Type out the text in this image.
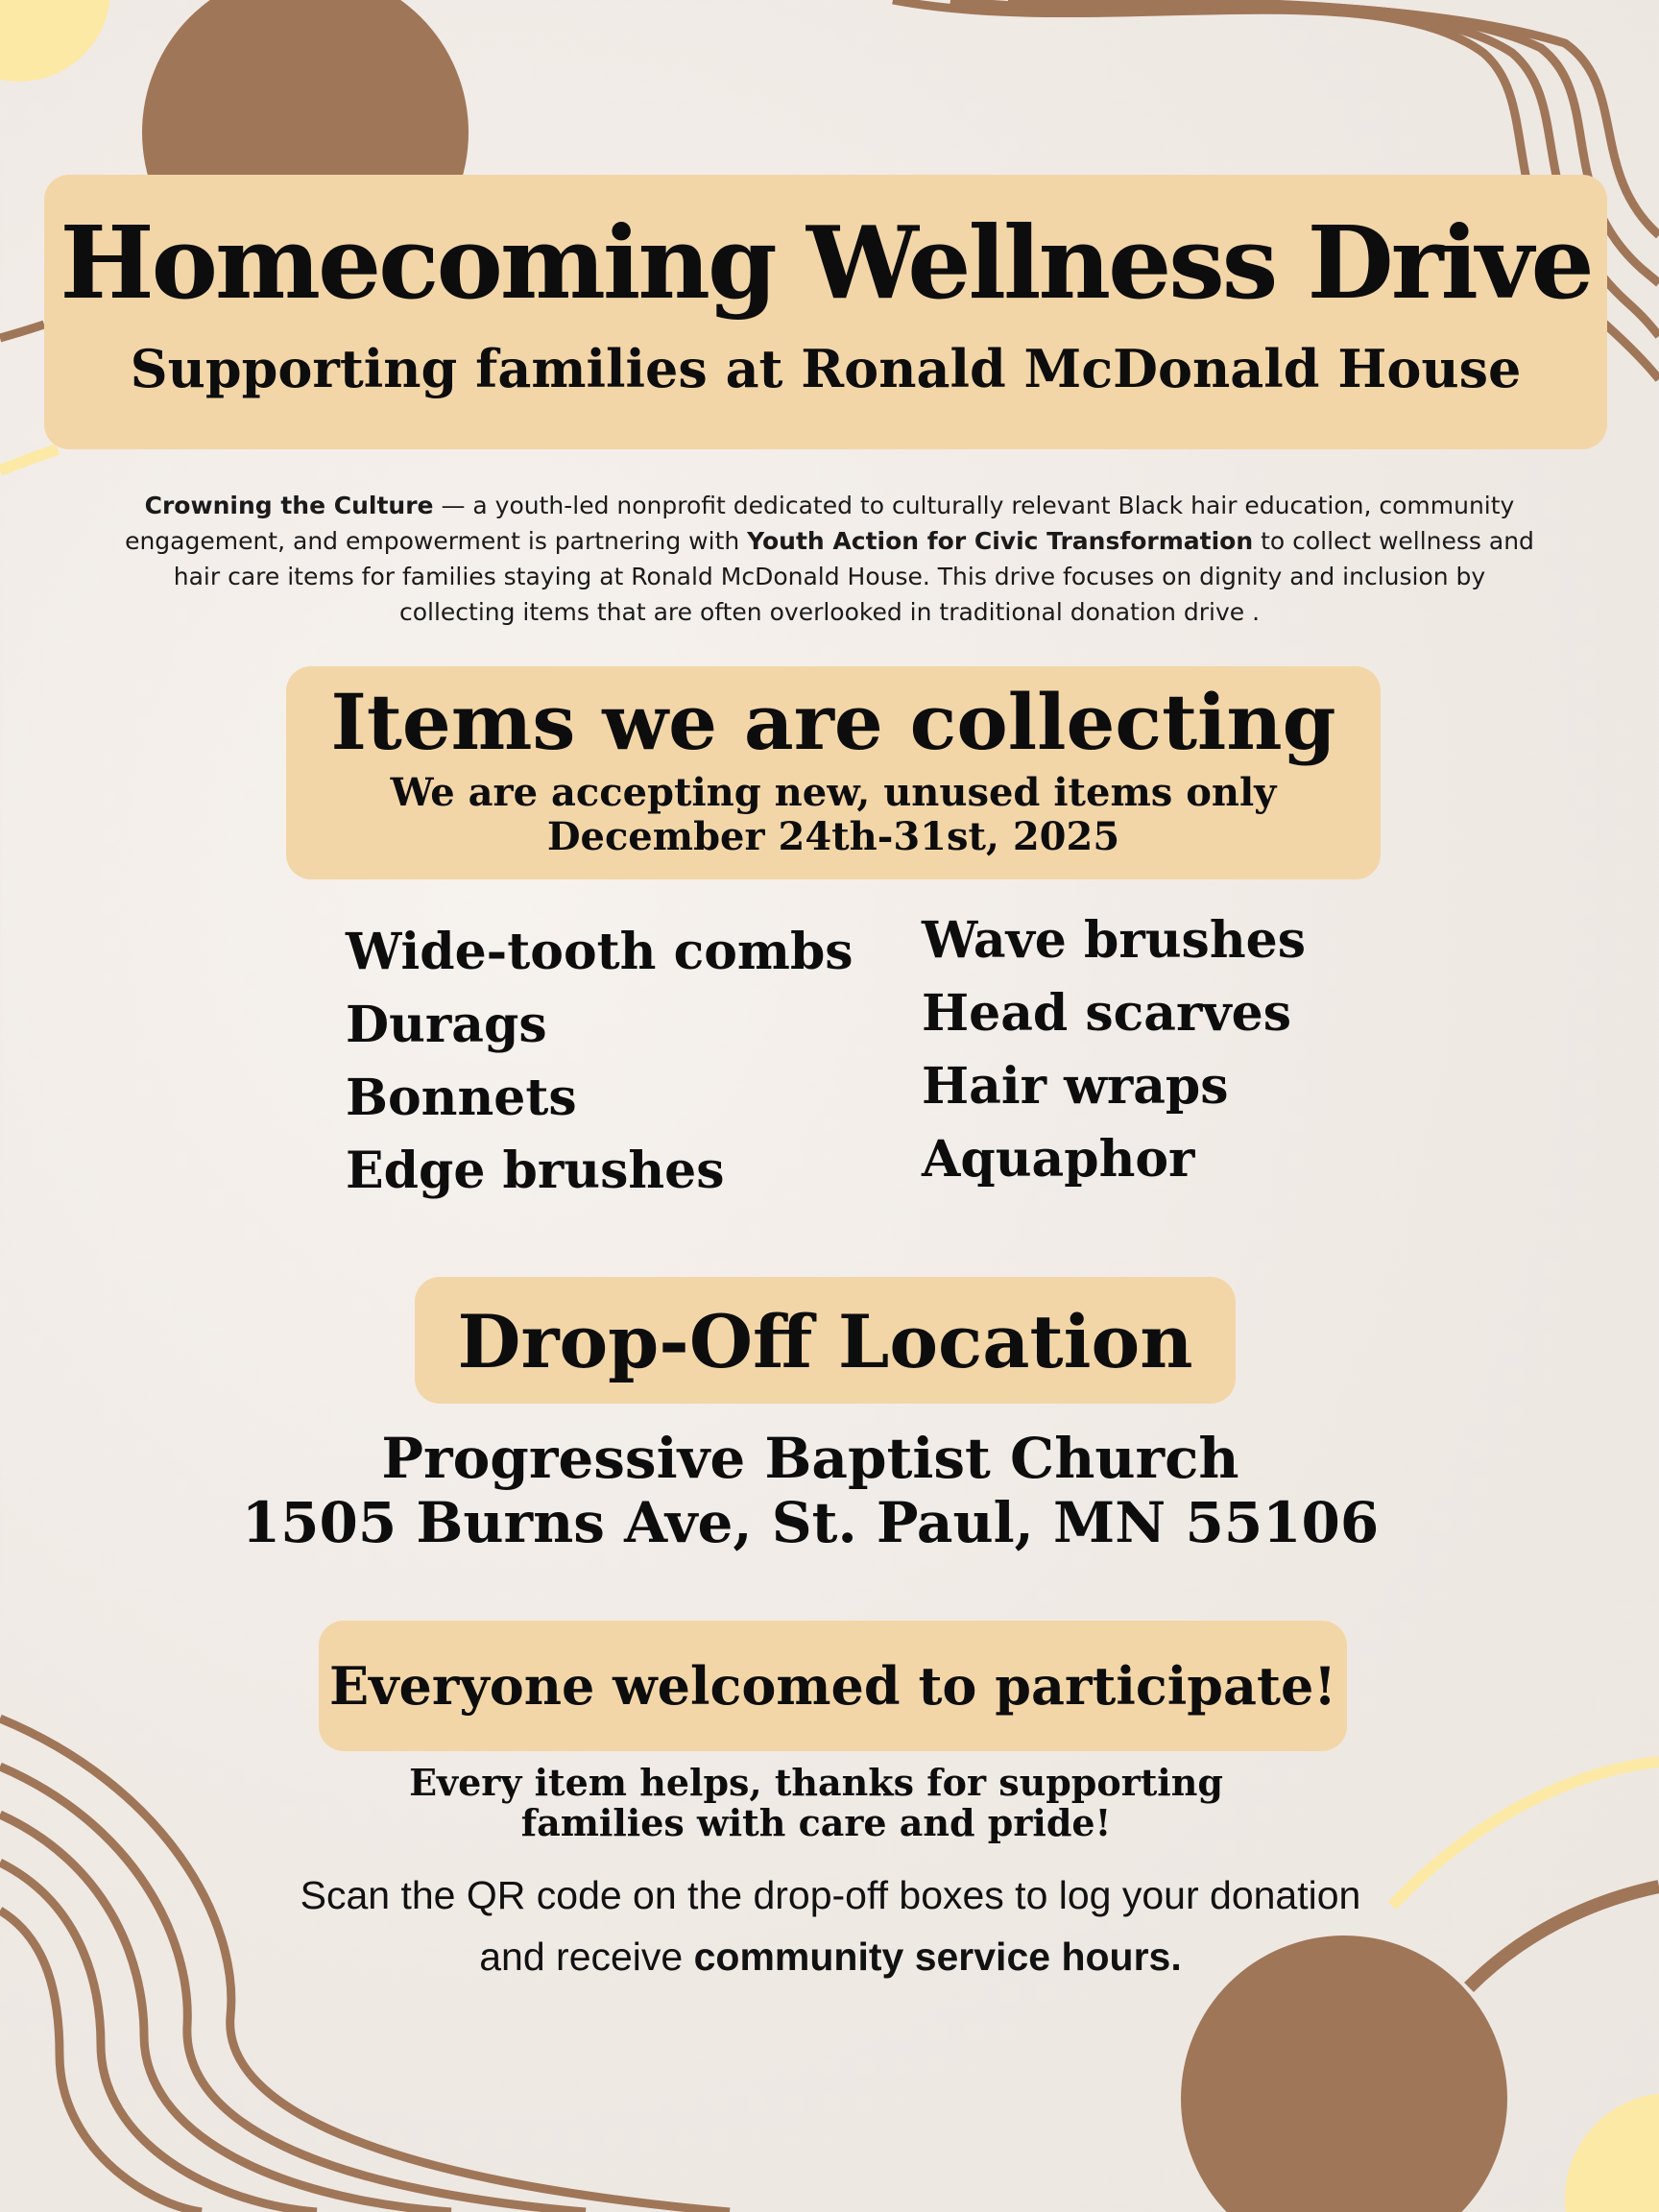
Homecoming Wellness Drive
Supporting families at Ronald McDonald House
Crowning the Culture — a youth-led nonprofit dedicated to culturally relevant Black hair education, community engagement, and empowerment is partnering with Youth Action for Civic Transformation to collect wellness and hair care items for families staying at Ronald McDonald House. This drive focuses on dignity and inclusion by collecting items that are often overlooked in traditional donation drive .
Items we are collecting
We are accepting new, unused items only
December 24th-31st, 2025
Wide-tooth combs
Durags
Bonnets
Edge brushes
Wave brushes
Head scarves
Hair wraps
Aquaphor
Drop-Off Location
Progressive Baptist Church
1505 Burns Ave, St. Paul, MN 55106
Everyone welcomed to participate!
Every item helps, thanks for supporting
families with care and pride!
Scan the QR code on the drop-off boxes to log your donation
and receive community service hours.
